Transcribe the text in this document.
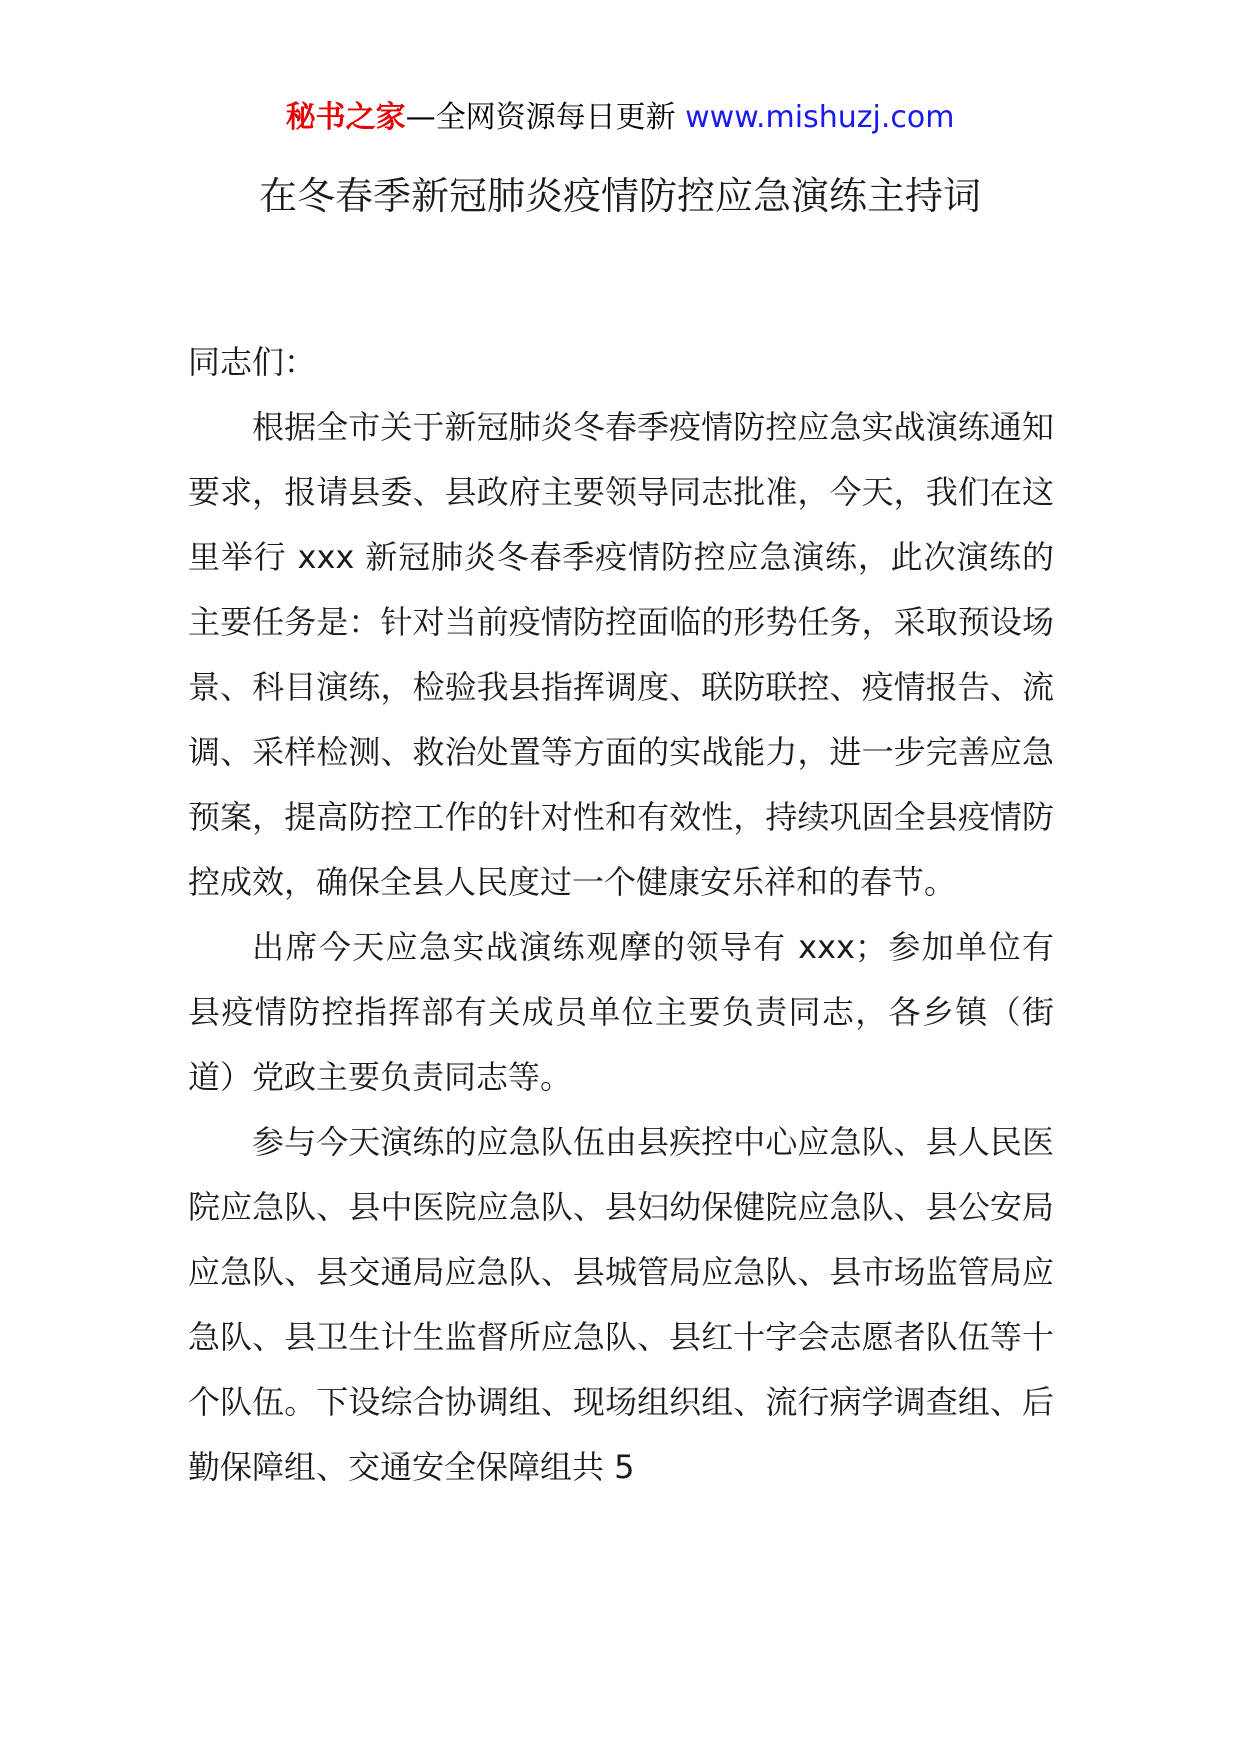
秘书之家—全网资源每日更新 www.mishuzj.com
在冬春季新冠肺炎疫情防控应急演练主持词

同志们：

根据全市关于新冠肺炎冬春季疫情防控应急实战演练通知要求，报请县委、县政府主要领导同志批准，今天，我们在这里举行 xxx 新冠肺炎冬春季疫情防控应急演练，此次演练的主要任务是：针对当前疫情防控面临的形势任务，采取预设场景、科目演练，检验我县指挥调度、联防联控、疫情报告、流调、采样检测、救治处置等方面的实战能力，进一步完善应急预案，提高防控工作的针对性和有效性，持续巩固全县疫情防控成效，确保全县人民度过一个健康安乐祥和的春节。

出席今天应急实战演练观摩的领导有 xxx；参加单位有县疫情防控指挥部有关成员单位主要负责同志，各乡镇（街道）党政主要负责同志等。

参与今天演练的应急队伍由县疾控中心应急队、县人民医院应急队、县中医院应急队、县妇幼保健院应急队、县公安局应急队、县交通局应急队、县城管局应急队、县市场监管局应急队、县卫生计生监督所应急队、县红十字会志愿者队伍等十个队伍。下设综合协调组、现场组织组、流行病学调查组、后勤保障组、交通安全保障组共 5
